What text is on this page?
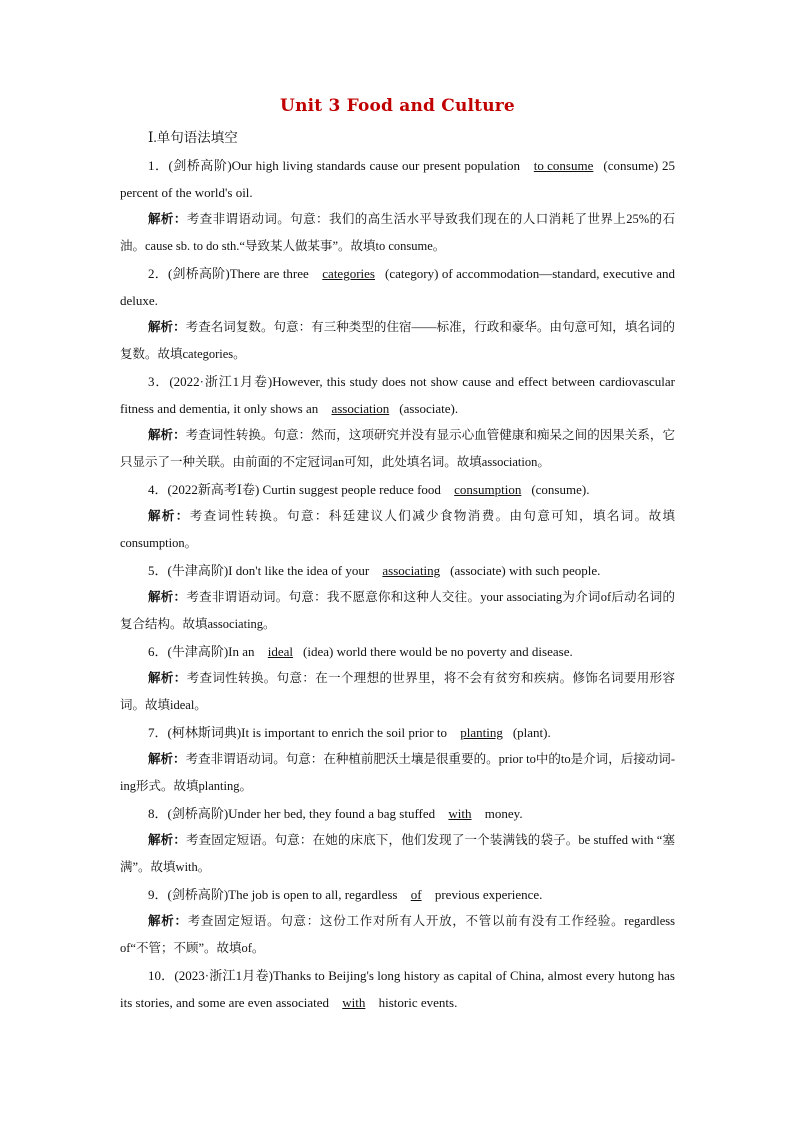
Unit 3 Food and Culture
Ⅰ.单句语法填空
1．(剑桥高阶)Our high living standards cause our present population to consume (consume) 25 percent of the world's oil.
解析：考查非谓语动词。句意：我们的高生活水平导致我们现在的人口消耗了世界上25%的石油。cause sb. to do sth.“导致某人做某事”。故填to consume。
2．(剑桥高阶)There are three categories (category) of accommodation—standard, executive and deluxe.
解析：考查名词复数。句意：有三种类型的住宿——标准，行政和豪华。由句意可知，填名词的复数。故填categories。
3．(2022·浙江1月卷)However, this study does not show cause and effect between cardiovascular fitness and dementia, it only shows an association (associate).
解析：考查词性转换。句意：然而，这项研究并没有显示心血管健康和痴呆之间的因果关系，它只显示了一种关联。由前面的不定冠词an可知，此处填名词。故填association。
4．(2022新高考Ⅰ卷) Curtin suggest people reduce food consumption (consume).
解析：考查词性转换。句意：科廷建议人们减少食物消费。由句意可知，填名词。故填consumption。
5．(牛津高阶)I don't like the idea of your associating (associate) with such people.
解析：考查非谓语动词。句意：我不愿意你和这种人交往。your associating为介词of后动名词的复合结构。故填associating。
6．(牛津高阶)In an ideal (idea) world there would be no poverty and disease.
解析：考查词性转换。句意：在一个理想的世界里，将不会有贫穷和疾病。修饰名词要用形容词。故填ideal。
7．(柯林斯词典)It is important to enrich the soil prior to planting (plant).
解析：考查非谓语动词。句意：在种植前肥沃土壤是很重要的。prior to中的to是介词，后接动词-ing形式。故填planting。
8．(剑桥高阶)Under her bed, they found a bag stuffed with money.
解析：考查固定短语。句意：在她的床底下，他们发现了一个装满钱的袋子。be stuffed with “塞满”。故填with。
9．(剑桥高阶)The job is open to all, regardless of previous experience.
解析：考查固定短语。句意：这份工作对所有人开放，不管以前有没有工作经验。regardless of“不管；不顾”。故填of。
10．(2023·浙江1月卷)Thanks to Beijing's long history as capital of China, almost every hutong has its stories, and some are even associated with historic events.
